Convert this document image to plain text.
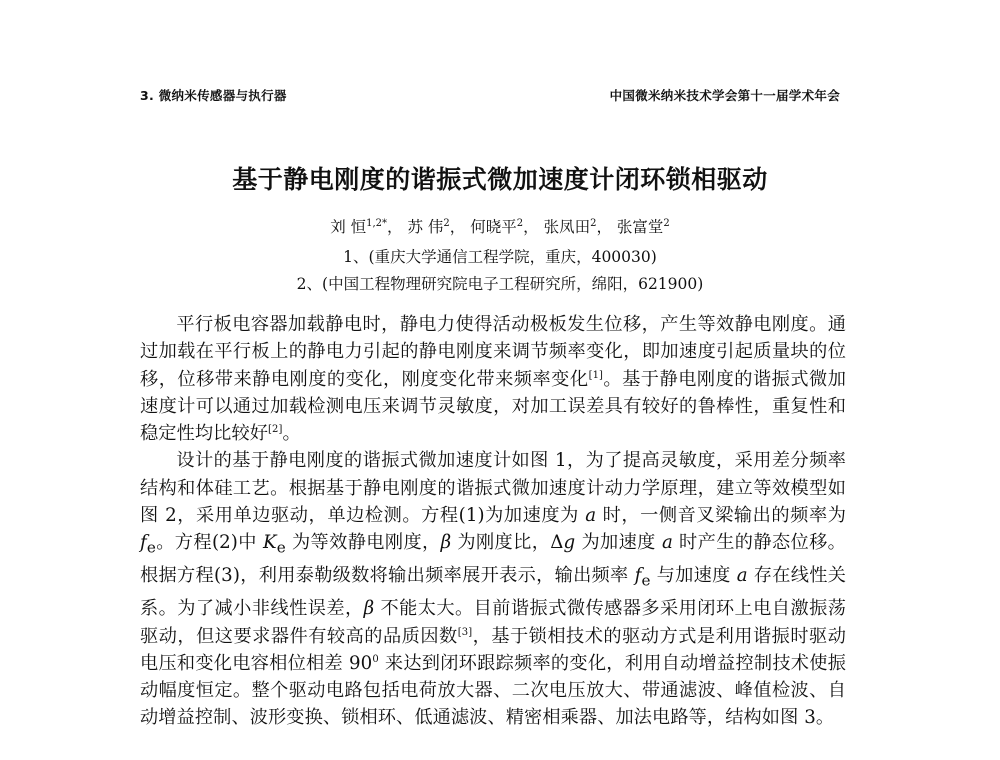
3. 微纳米传感器与执行器	中国微米纳米技术学会第十一届学术年会
基于静电刚度的谐振式微加速度计闭环锁相驱动
刘 恒$^{1,2*}$， 苏 伟$^2$， 何晓平$^2$， 张凤田$^2$， 张富堂$^2$
1、(重庆大学通信工程学院，重庆，400030)
2、(中国工程物理研究院电子工程研究所，绵阳，621900)

平行板电容器加载静电时，静电力使得活动极板发生位移，产生等效静电刚度。通过加载在平行板上的静电力引起的静电刚度来调节频率变化，即加速度引起质量块的位移，位移带来静电刚度的变化，刚度变化带来频率变化[1]。基于静电刚度的谐振式微加速度计可以通过加载检测电压来调节灵敏度，对加工误差具有较好的鲁棒性，重复性和稳定性均比较好[2]。

设计的基于静电刚度的谐振式微加速度计如图 1，为了提高灵敏度，采用差分频率结构和体硅工艺。根据基于静电刚度的谐振式微加速度计动力学原理，建立等效模型如图 2，采用单边驱动，单边检测。方程(1)为加速度为 a 时，一侧音叉梁输出的频率为 $f_e$。方程(2)中 $K_e$ 为等效静电刚度，β 为刚度比，Δg 为加速度 a 时产生的静态位移。根据方程(3)，利用泰勒级数将输出频率展开表示，输出频率 $f_e$ 与加速度 a 存在线性关系。为了减小非线性误差，β 不能太大。目前谐振式微传感器多采用闭环上电自激振荡驱动，但这要求器件有较高的品质因数[3]，基于锁相技术的驱动方式是利用谐振时驱动电压和变化电容相位相差 $90^0$ 来达到闭环跟踪频率的变化，利用自动增益控制技术使振动幅度恒定。整个驱动电路包括电荷放大器、二次电压放大、带通滤波、峰值检波、自动增益控制、波形变换、锁相环、低通滤波、精密相乘器、加法电路等，结构如图 3。
